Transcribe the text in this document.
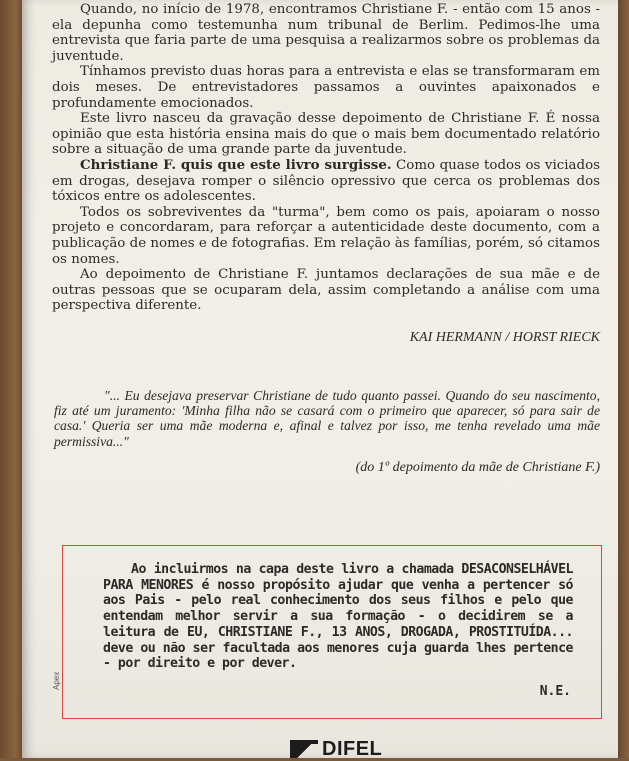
Quando, no início de 1978, encontramos Christiane F. - então com 15 anos - ela depunha como testemunha num tribunal de Berlim. Pedimos-lhe uma entrevista que faria parte de uma pesquisa a realizarmos sobre os problemas da juventude.

Tínhamos previsto duas horas para a entrevista e elas se transformaram em dois meses. De entrevistadores passamos a ouvintes apaixonados e profundamente emocionados.

Este livro nasceu da gravação desse depoimento de Christiane F. É nossa opinião que esta história ensina mais do que o mais bem documentado relatório sobre a situação de uma grande parte da juventude.

Christiane F. quis que este livro surgisse. Como quase todos os viciados em drogas, desejava romper o silêncio opressivo que cerca os problemas dos tóxicos entre os adolescentes.

Todos os sobreviventes da "turma", bem como os pais, apoiaram o nosso projeto e concordaram, para reforçar a autenticidade deste documento, com a publicação de nomes e de fotografias. Em relação às famílias, porém, só citamos os nomes.

Ao depoimento de Christiane F. juntamos declarações de sua mãe e de outras pessoas que se ocuparam dela, assim completando a análise com uma perspectiva diferente.

KAI HERMANN / HORST RIECK

"... Eu desejava preservar Christiane de tudo quanto passei. Quando do seu nascimento, fiz até um juramento: 'Minha filha não se casará com o primeiro que aparecer, só para sair de casa.' Queria ser uma mãe moderna e, afinal e talvez por isso, me tenha revelado uma mãe permissiva..."

(do 1º depoimento da mãe de Christiane F.)

Ao incluirmos na capa deste livro a chamada DESACONSELHÁVEL PARA MENORES é nosso propósito ajudar que venha a pertencer só aos Pais - pelo real conhecimento dos seus filhos e pelo que entendam melhor servir a sua formação - o decidirem se a leitura de EU, CHRISTIANE F., 13 ANOS, DROGADA, PROSTITUÍDA... deve ou não ser facultada aos menores cuja guarda lhes pertence - por direito e por dever.

N.E.
Apex
DIFEL
